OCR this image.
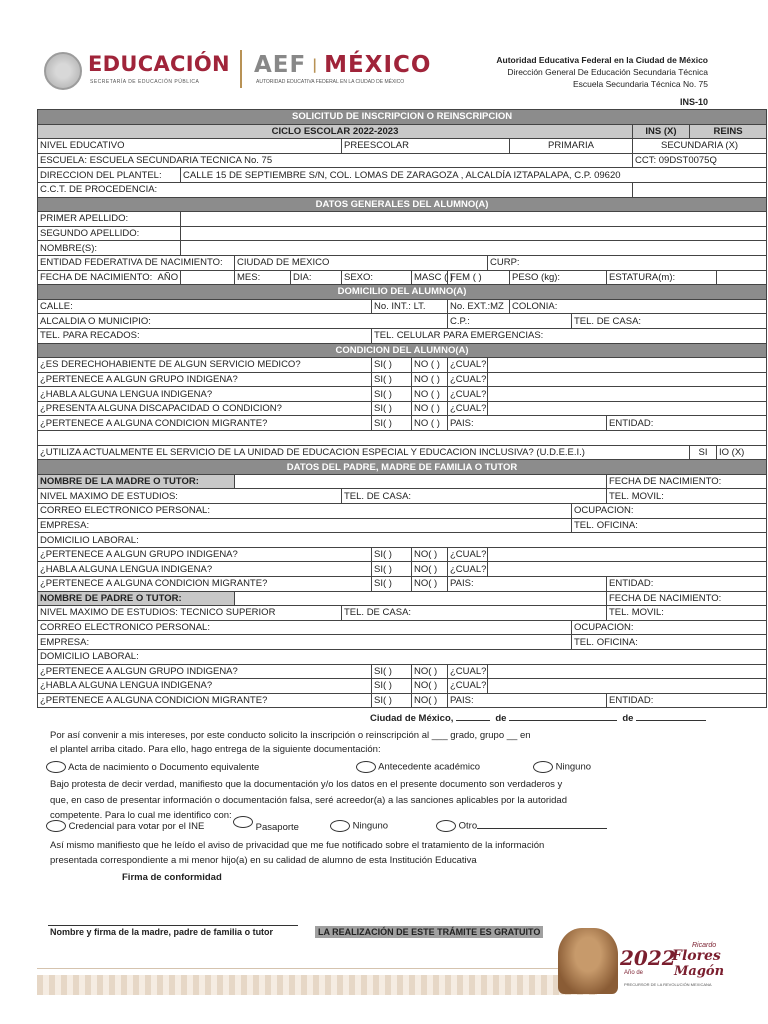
EDUCACIÓN
SECRETARÍA DE EDUCACIÓN PÚBLICA
AEF | MÉXICO
AUTORIDAD EDUCATIVA FEDERAL EN LA CIUDAD DE MÉXICO
Autoridad Educativa Federal en la Ciudad de México
Dirección General De Educación Secundaria Técnica
Escuela Secundaria Técnica No. 75
INS-10
SOLICITUD DE INSCRIPCION O REINSCRIPCION														
CICLO ESCOLAR 2022-2023												INS (X)	REINS	
NIVEL EDUCATIVO				PREESCOLAR					PRIMARIA			SECUNDARIA (X)		
ESCUELA: ESCUELA SECUNDARIA TECNICA No. 75												CCT: 09DST0075Q		
DIRECCION DEL PLANTEL:	CALLE 15 DE SEPTIEMBRE S/N, COL. LOMAS DE ZARAGOZA , ALCALDÍA IZTAPALAPA, C.P. 09620													
C.C.T. DE PROCEDENCIA:														
DATOS GENERALES DEL ALUMNO(A)														
PRIMER APELLIDO:														
SEGUNDO APELLIDO:														
NOMBRE(S):														
ENTIDAD FEDERATIVA DE NACIMIENTO:		CIUDAD DE MEXICO						CURP:						
FECHA DE NACIMIENTO: AÑO		MES:	DIA:	SEXO:		MASC ( )	FEM ( )		PESO (kg):		ESTATURA(m):			
DOMICILIO DEL ALUMNO(A)														
CALLE:					No. INT.: LT.		No. EXT.:MZ		COLONIA:					
ALCALDIA O MUNICIPIO:							C.P.:			TEL. DE CASA:				
TEL. PARA RECADOS:					TEL. CELULAR PARA EMERGENCIAS:									
CONDICION DEL ALUMNO(A)														
¿ES DERECHOHABIENTE DE ALGUN SERVICIO MEDICO?					SI( )	NO ( )	¿CUAL?							
¿PERTENECE A ALGUN GRUPO INDIGENA?					SI( )	NO ( )	¿CUAL?							
¿HABLA ALGUNA LENGUA INDIGENA?					SI( )	NO ( )	¿CUAL?							
¿PRESENTA ALGUNA DISCAPACIDAD O CONDICION?					SI( )	NO ( )	¿CUAL?							
¿PERTENECE A ALGUNA CONDICION MIGRANTE?					SI( )	NO ( )	PAIS:				ENTIDAD:			

¿UTILIZA ACTUALMENTE EL SERVICIO DE LA UNIDAD DE EDUCACION ESPECIAL Y EDUCACION INCLUSIVA? (U.D.E.E.I.)													SI	IO (X)
DATOS DEL PADRE, MADRE DE FAMILIA O TUTOR														
NOMBRE DE LA MADRE O TUTOR:											FECHA DE NACIMIENTO:			
NIVEL MAXIMO DE ESTUDIOS:				TEL. DE CASA:							TEL. MOVIL:			
CORREO ELECTRONICO PERSONAL:										OCUPACION:				
EMPRESA:										TEL. OFICINA:				
DOMICILIO LABORAL:														
¿PERTENECE A ALGUN GRUPO INDIGENA?					SI( )	NO( )	¿CUAL?							
¿HABLA ALGUNA LENGUA INDIGENA?					SI( )	NO( )	¿CUAL?							
¿PERTENECE A ALGUNA CONDICION MIGRANTE?					SI( )	NO( )	PAIS:				ENTIDAD:			
NOMBRE DE PADRE O TUTOR:											FECHA DE NACIMIENTO:			
NIVEL MAXIMO DE ESTUDIOS: TECNICO SUPERIOR				TEL. DE CASA:							TEL. MOVIL:			
CORREO ELECTRONICO PERSONAL:										OCUPACION:				
EMPRESA:										TEL. OFICINA:				
DOMICILIO LABORAL:														
¿PERTENECE A ALGUN GRUPO INDIGENA?					SI( )	NO( )	¿CUAL?							
¿HABLA ALGUNA LENGUA INDIGENA?					SI( )	NO( )	¿CUAL?							
¿PERTENECE A ALGUNA CONDICION MIGRANTE?					SI( )	NO( )	PAIS:				ENTIDAD:			
Ciudad de México,	de	de
Por así convenir a mis intereses, por este conducto solicito la inscripción o reinscripción al ___ grado, grupo __ en
el plantel arriba citado. Para ello, hago entrega de la siguiente documentación:
Acta de nacimiento o Documento equivalente	Antecedente académico	Ninguno
Bajo protesta de decir verdad, manifiesto que la documentación y/o los datos en el presente documento son verdaderos y
que, en caso de presentar información o documentación falsa, seré acreedor(a) a las sanciones aplicables por la autoridad
competente. Para lo cual me identifico con:
Credencial para votar por el INE	Pasaporte	Ninguno	Otro
Así mismo manifiesto que he leído el aviso de privacidad que me fue notificado sobre el tratamiento de la información
presentada correspondiente a mi menor hijo(a) en su calidad de alumno de esta Institución Educativa
Firma de conformidad
Nombre y firma de la madre, padre de familia o tutor	LA REALIZACIÓN DE ESTE TRÁMITE ES GRATUITO
2022
Año de
Ricardo
Flores
Magón
PRECURSOR DE LA REVOLUCIÓN MEXICANA
